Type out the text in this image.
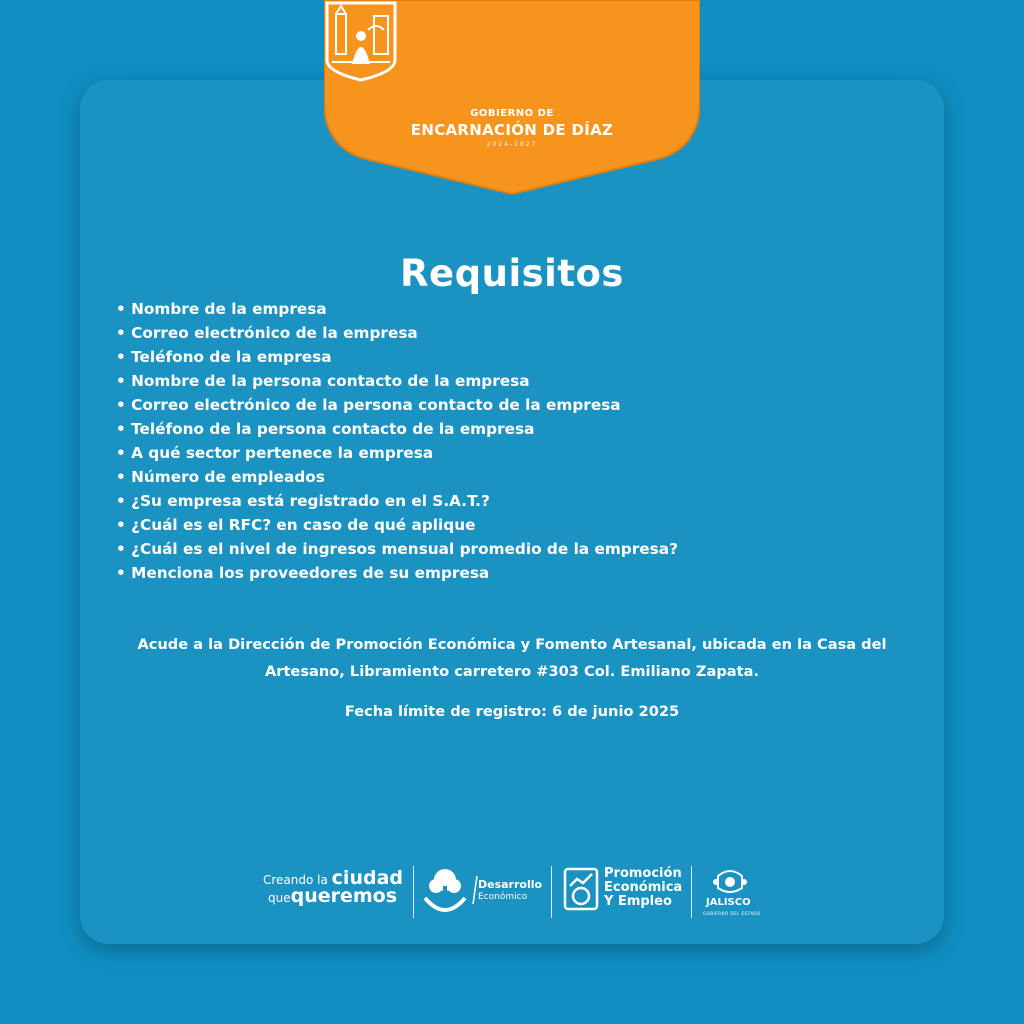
GOBIERNO DE
ENCARNACIÓN DE DÍAZ
2024-2027
Requisitos
• Nombre de la empresa
• Correo electrónico de la empresa
• Teléfono de la empresa
• Nombre de la persona contacto de la empresa
• Correo electrónico de la persona contacto de la empresa
• Teléfono de la persona contacto de la empresa
• A qué sector pertenece la empresa
• Número de empleados
• ¿Su empresa está registrado en el S.A.T.?
• ¿Cuál es el RFC? en caso de qué aplique
• ¿Cuál es el nivel de ingresos mensual promedio de la empresa?
• Menciona los proveedores de su empresa
Acude a la Dirección de Promoción Económica y Fomento Artesanal, ubicada en la Casa del Artesano, Libramiento carretero #303 Col. Emiliano Zapata.
Fecha límite de registro: 6 de junio 2025
Creando la ciudad
quequeremos
Desarrollo
Económico
Promoción
Económica
Y Empleo	JALISCO
GOBIERNO DEL ESTADO
